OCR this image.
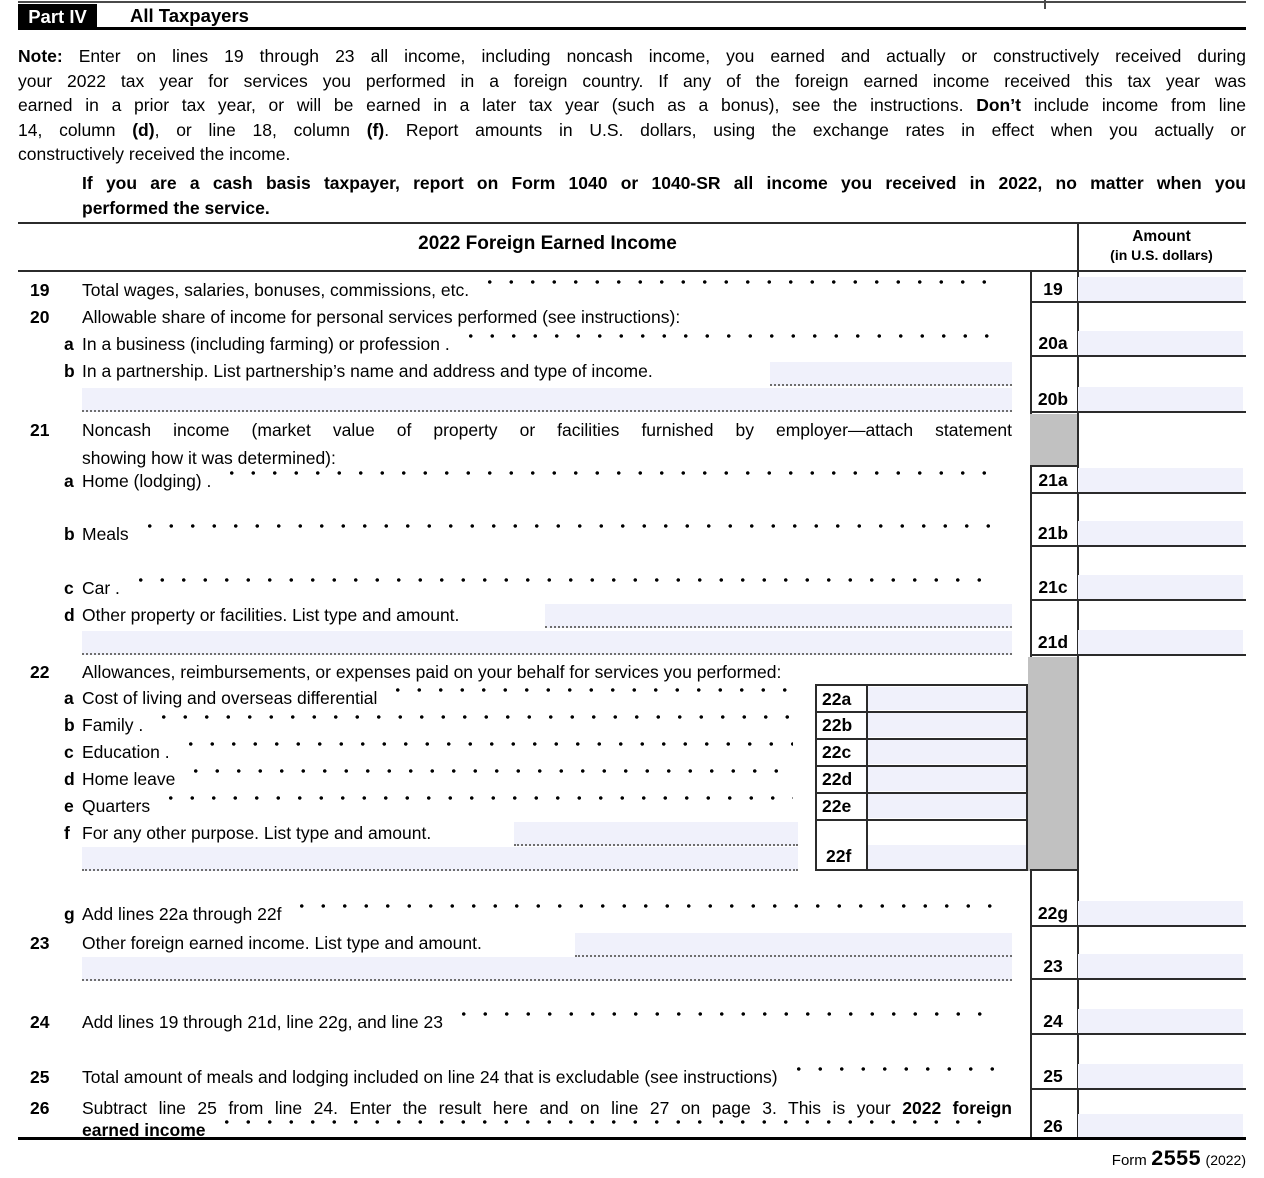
Part IV	All Taxpayers
Note: Enter on lines 19 through 23 all income, including noncash income, you earned and actually or constructively received during
your 2022 tax year for services you performed in a foreign country. If any of the foreign earned income received this tax year was
earned in a prior tax year, or will be earned in a later tax year (such as a bonus), see the instructions. Don’t include income from line
14, column (d), or line 18, column (f). Report amounts in U.S. dollars, using the exchange rates in effect when you actually or
constructively received the income.
If you are a cash basis taxpayer, report on Form 1040 or 1040-SR all income you received in 2022, no matter when you
performed the service.
2022 Foreign Earned Income	Amount
(in U.S. dollars)
19
20a
20b
21a
21b
21c
21d
22g
23
24
25
26
19 Total wages, salaries, bonuses, commissions, etc.
20 Allowable share of income for personal services performed (see instructions):
a In a business (including farming) or profession .
b In a partnership. List partnership’s name and address and type of income.
21 Noncash income (market value of property or facilities furnished by employer—attach statement
showing how it was determined):
a Home (lodging) .
b Meals
c Car .
d Other property or facilities. List type and amount.
22 Allowances, reimbursements, or expenses paid on your behalf for services you performed:
a Cost of living and overseas differential
b Family .
c Education .
d Home leave
e Quarters
f For any other purpose. List type and amount.
22a
22b
22c
22d
22e
22f
g Add lines 22a through 22f
23 Other foreign earned income. List type and amount.
24 Add lines 19 through 21d, line 22g, and line 23
25 Total amount of meals and lodging included on line 24 that is excludable (see instructions)
26 Subtract line 25 from line 24. Enter the result here and on line 27 on page 3. This is your 2022 foreign
earned income
Form 2555 (2022)
